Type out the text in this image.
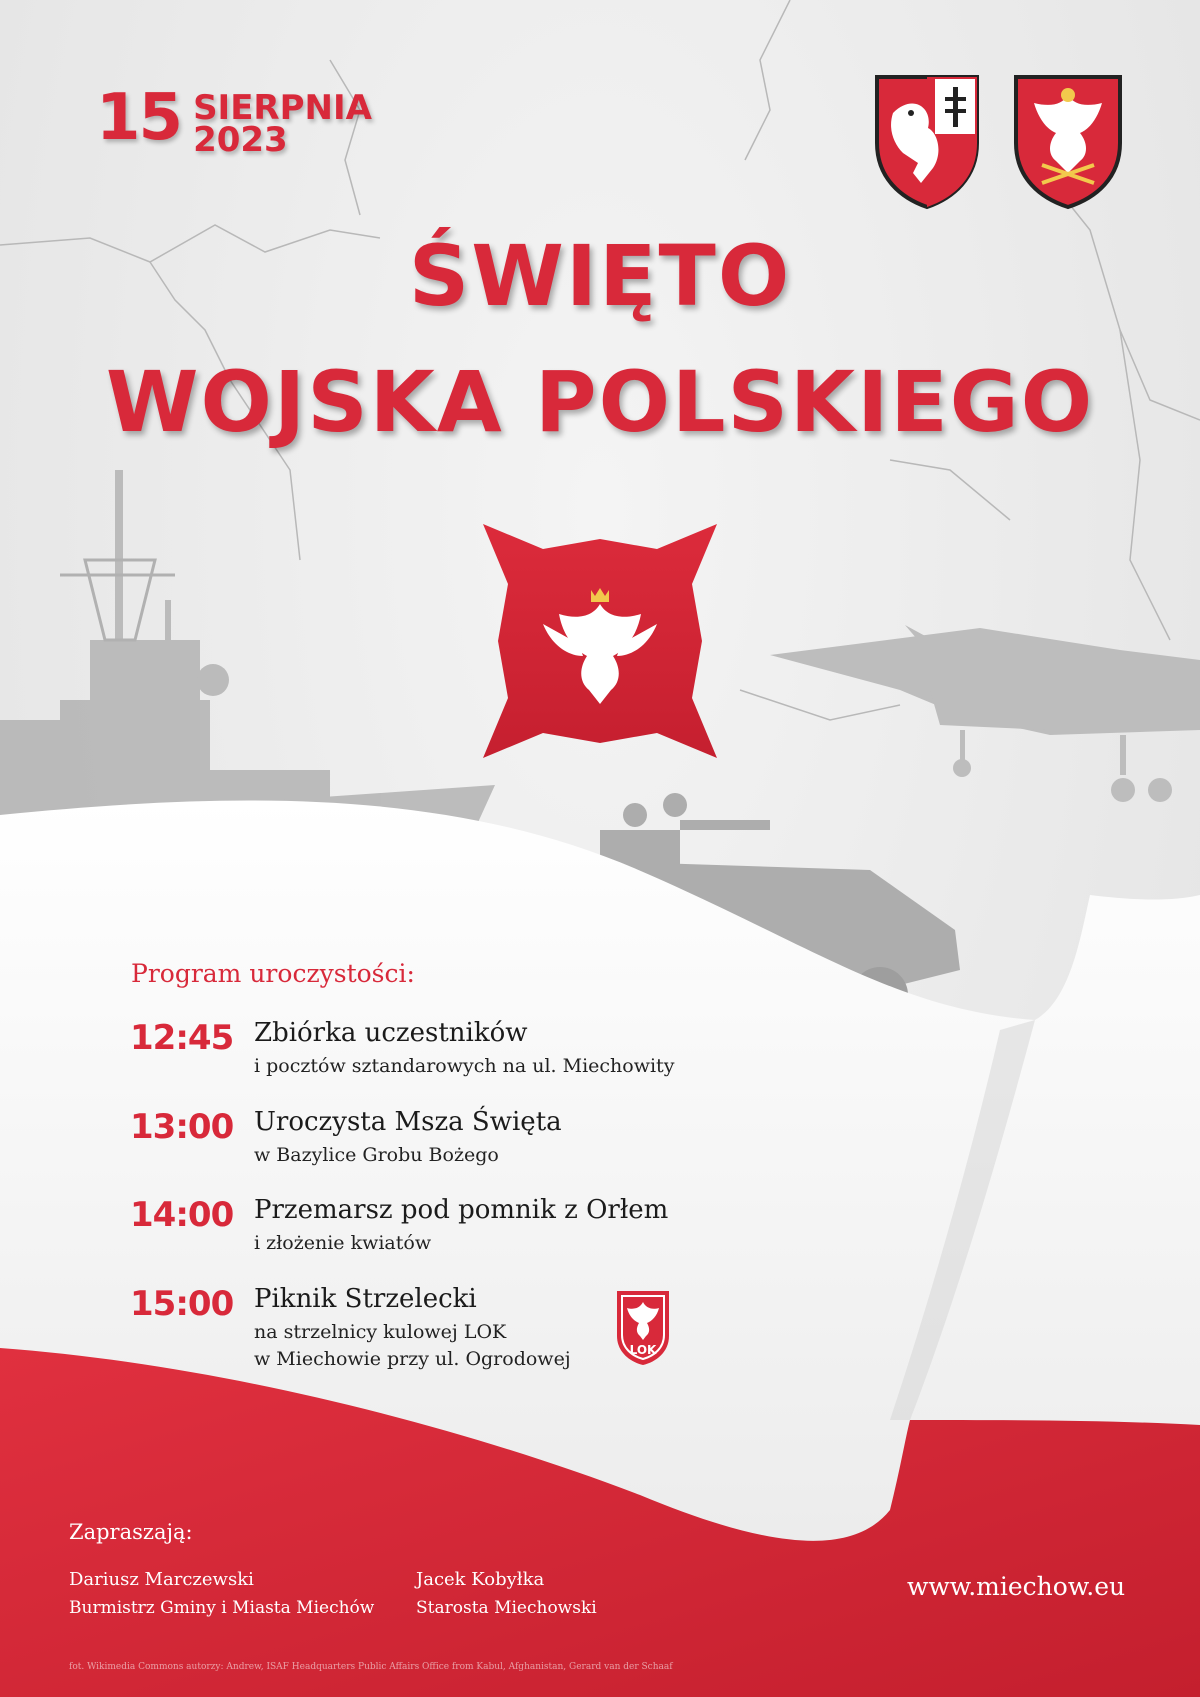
15 SIERPNIA
2023
ŚWIĘTO
WOJSKA POLSKIEGO
Program uroczystości:
12:45 Zbiórka uczestników
i pocztów sztandarowych na ul. Miechowity
13:00 Uroczysta Msza Święta
w Bazylice Grobu Bożego
14:00 Przemarsz pod pomnik z Orłem
i złożenie kwiatów
15:00 Piknik Strzelecki
na strzelnicy kulowej LOK
w Miechowie przy ul. Ogrodowej	LOK
Zapraszają:
Dariusz Marczewski
Burmistrz Gminy i Miasta Miechów
Jacek Kobyłka
Starosta Miechowski
www.miechow.eu
fot. Wikimedia Commons autorzy: Andrew, ISAF Headquarters Public Affairs Office from Kabul, Afghanistan, Gerard van der Schaaf
